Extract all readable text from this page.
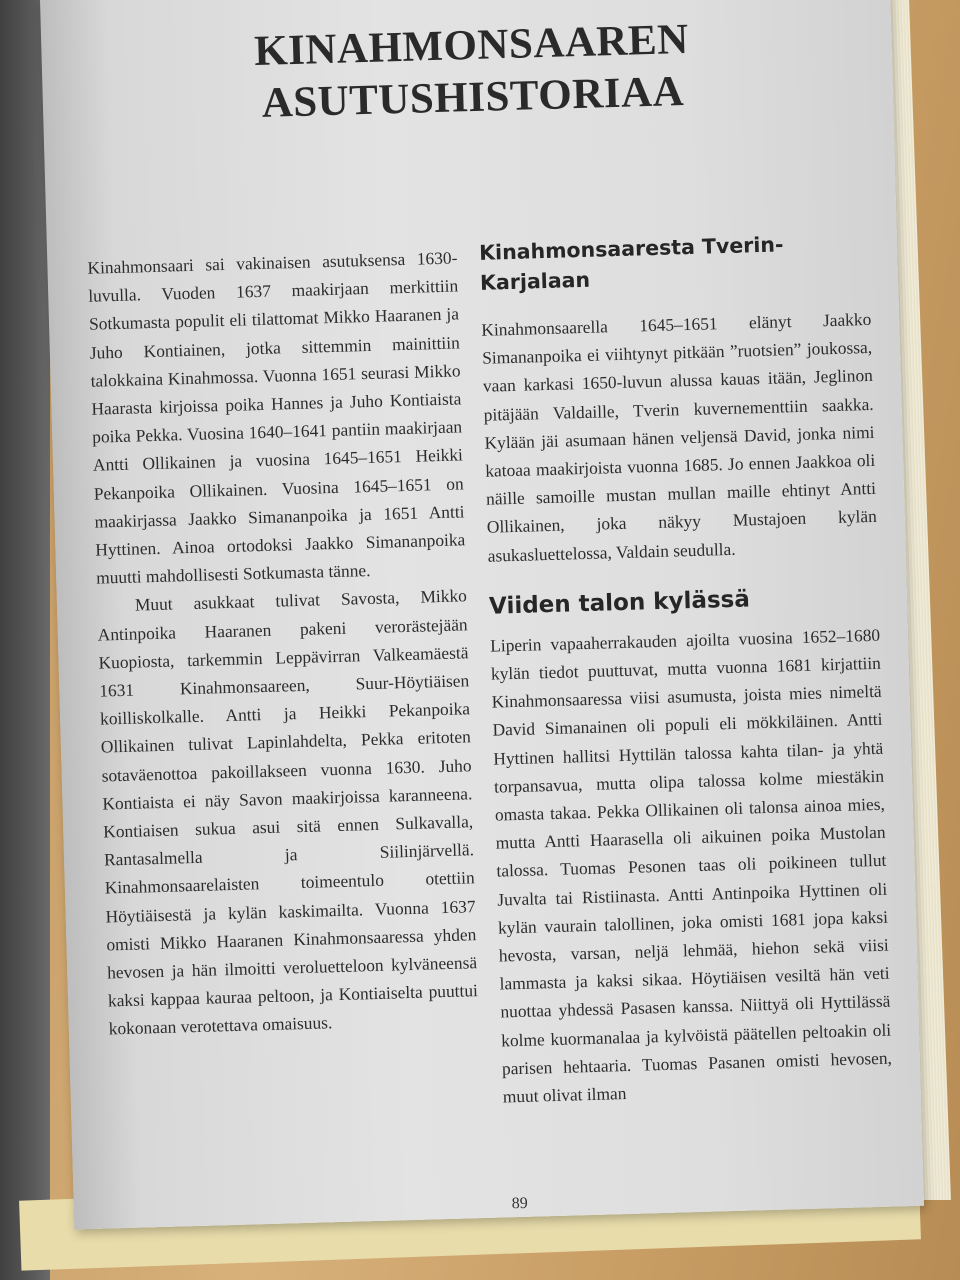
KINAHMONSAAREN
ASUTUSHISTORIAA

Kinahmonsaari sai vakinaisen asutuksensa 1630-luvulla. Vuoden 1637 maakirjaan merkittiin Sotkumasta populit eli tilattomat Mikko Haaranen ja Juho Kontiainen, jotka sittemmin mainittiin talokkaina Kinahmossa. Vuonna 1651 seurasi Mikko Haarasta kirjoissa poika Hannes ja Juho Kontiaista poika Pekka. Vuosina 1640–1641 pantiin maakirjaan Antti Ollikainen ja vuosina 1645–1651 Heikki Pekanpoika Ollikainen. Vuosina 1645–1651 on maakirjassa Jaakko Simananpoika ja 1651 Antti Hyttinen. Ainoa ortodoksi Jaakko Simananpoika muutti mahdollisesti Sotkumasta tänne.

Muut asukkaat tulivat Savosta, Mikko Antinpoika Haaranen pakeni verorästejään Kuopiosta, tarkemmin Leppävirran Valkeamäestä 1631 Kinahmonsaareen, Suur-Höytiäisen koilliskolkalle. Antti ja Heikki Pekanpoika Ollikainen tulivat Lapinlahdelta, Pekka eritoten sotaväenottoa pakoillakseen vuonna 1630. Juho Kontiaista ei näy Savon maakirjoissa karanneena. Kontiaisen sukua asui sitä ennen Sulkavalla, Rantasalmella ja Siilinjärvellä. Kinahmonsaarelaisten toimeentulo otettiin Höytiäisestä ja kylän kaskimailta. Vuonna 1637 omisti Mikko Haaranen Kinahmonsaaressa yhden hevosen ja hän ilmoitti veroluetteloon kylväneensä kaksi kappaa kauraa peltoon, ja Kontiaiselta puuttui kokonaan verotettava omaisuus.

Kinahmonsaaresta Tverin-Karjalaan

Kinahmonsaarella 1645–1651 elänyt Jaakko Simananpoika ei viihtynyt pitkään ”ruotsien” joukossa, vaan karkasi 1650-luvun alussa kauas itään, Jeglinon pitäjään Valdaille, Tverin kuvernementtiin saakka. Kylään jäi asumaan hänen veljensä David, jonka nimi katoaa maakirjoista vuonna 1685. Jo ennen Jaakkoa oli näille samoille mustan mullan maille ehtinyt Antti Ollikainen, joka näkyy Mustajoen kylän asukasluettelossa, Valdain seudulla.

Viiden talon kylässä

Liperin vapaaherrakauden ajoilta vuosina 1652–1680 kylän tiedot puuttuvat, mutta vuonna 1681 kirjattiin Kinahmonsaaressa viisi asumusta, joista mies nimeltä David Simanainen oli populi eli mökkiläinen. Antti Hyttinen hallitsi Hyttilän talossa kahta tilan- ja yhtä torpansavua, mutta olipa talossa kolme miestäkin omasta takaa. Pekka Ollikainen oli talonsa ainoa mies, mutta Antti Haarasella oli aikuinen poika Mustolan talossa. Tuomas Pesonen taas oli poikineen tullut Juvalta tai Ristiinasta. Antti Antinpoika Hyttinen oli kylän vaurain talollinen, joka omisti 1681 jopa kaksi hevosta, varsan, neljä lehmää, hiehon sekä viisi lammasta ja kaksi sikaa. Höytiäisen vesiltä hän veti nuottaa yhdessä Pasasen kanssa. Niittyä oli Hyttilässä kolme kuormanalaa ja kylvöistä päätellen peltoakin oli parisen hehtaaria. Tuomas Pasanen omisti hevosen, muut olivat ilman

89
